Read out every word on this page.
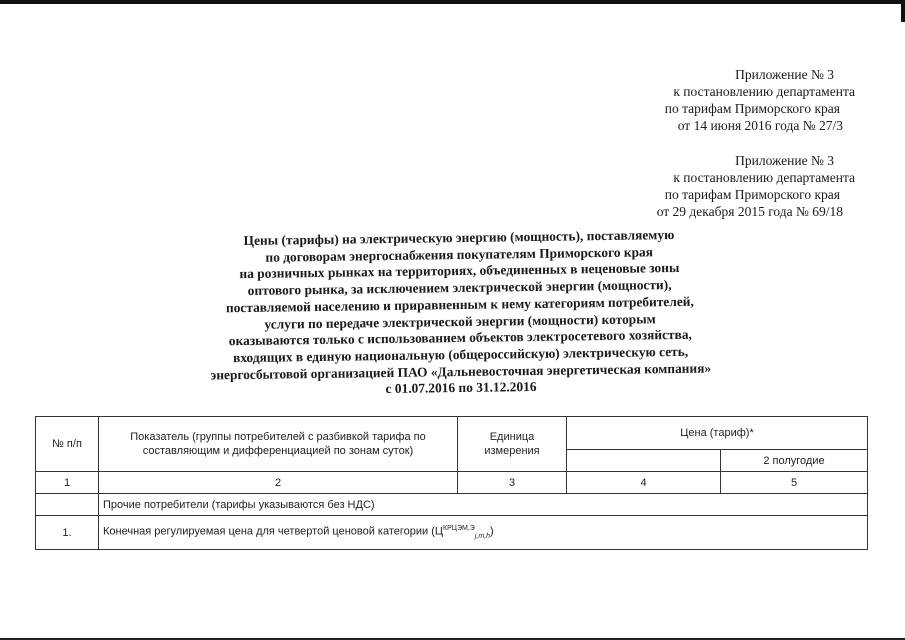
Приложение № 3
к постановлению департамента
по тарифам Приморского края
от 14 июня 2016 года № 27/3
Приложение № 3
к постановлению департамента
по тарифам Приморского края
от 29 декабря 2015 года № 69/18
Цены (тарифы) на электрическую энергию (мощность), поставляемую
по договорам энергоснабжения покупателям Приморского края
на розничных рынках на территориях, объединенных в неценовые зоны
оптового рынка, за исключением электрической энергии (мощности),
поставляемой населению и приравненным к нему категориям потребителей,
услуги по передаче электрической энергии (мощности) которым
оказываются только с использованием объектов электросетевого хозяйства,
входящих в единую национальную (общероссийскую) электрическую сеть,
энергосбытовой организацией ПАО «Дальневосточная энергетическая компания»
с 01.07.2016 по 31.12.2016
№ п/п	Показатель (группы потребителей с разбивкой тарифа по составляющим и дифференциацией по зонам суток)	Единица измерения	Цена (тариф)*	
				2 полугодие
1	2	3	4	5
	Прочие потребители (тарифы указываются без НДС)			
1.	Конечная регулируемая цена для четвертой ценовой категории $(Ц^{КРЦЭМ,Э}_{j,m,h})$			
